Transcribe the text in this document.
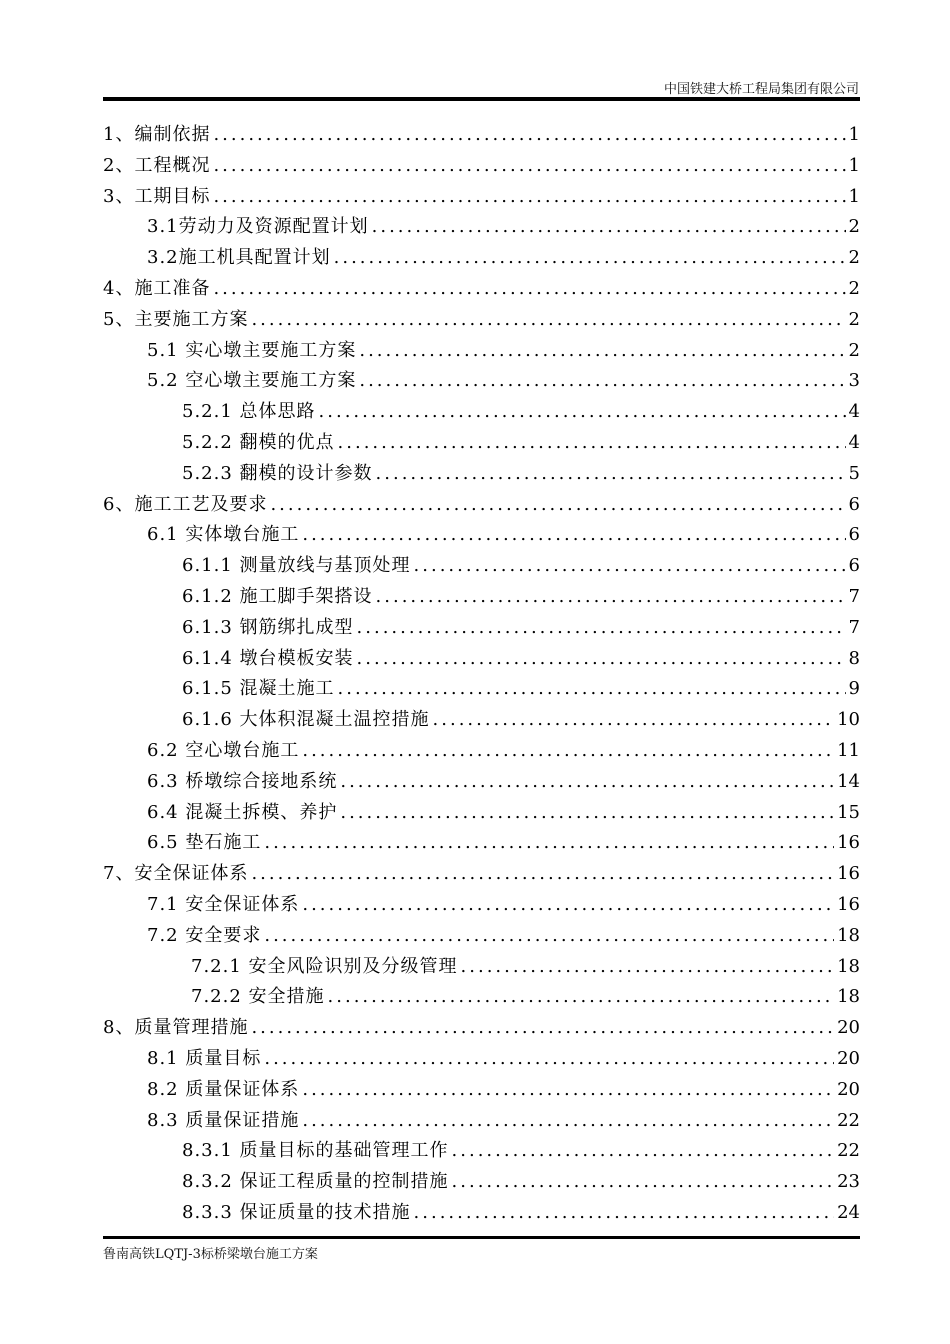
中国铁建大桥工程局集团有限公司
1、编制依据 .....	1
2、工程概况 .....	1
3、工期目标 .....	1
3.1劳动力及资源配置计划 .....	2
3.2施工机具配置计划 .....	2
4、施工准备 .....	2
5、主要施工方案 .....	2
5.1 实心墩主要施工方案 .....	2
5.2 空心墩主要施工方案 .....	3
5.2.1 总体思路 .....	4
5.2.2 翻模的优点 .....	4
5.2.3 翻模的设计参数 .....	5
6、施工工艺及要求 .....	6
6.1 实体墩台施工 .....	6
6.1.1 测量放线与基顶处理 .....	6
6.1.2 施工脚手架搭设 .....	7
6.1.3 钢筋绑扎成型 .....	7
6.1.4 墩台模板安装 .....	8
6.1.5 混凝土施工 .....	9
6.1.6 大体积混凝土温控措施 .....	10
6.2 空心墩台施工 .....	11
6.3 桥墩综合接地系统 .....	14
6.4 混凝土拆模、养护 .....	15
6.5 垫石施工 .....	16
7、安全保证体系 .....	16
7.1 安全保证体系 .....	16
7.2 安全要求 .....	18
7.2.1 安全风险识别及分级管理 .....	18
7.2.2 安全措施 .....	18
8、质量管理措施 .....	20
8.1 质量目标 .....	20
8.2 质量保证体系 .....	20
8.3 质量保证措施 .....	22
8.3.1 质量目标的基础管理工作 .....	22
8.3.2 保证工程质量的控制措施 .....	23
8.3.3 保证质量的技术措施 .....	24
鲁南高铁LQTJ-3标桥梁墩台施工方案
